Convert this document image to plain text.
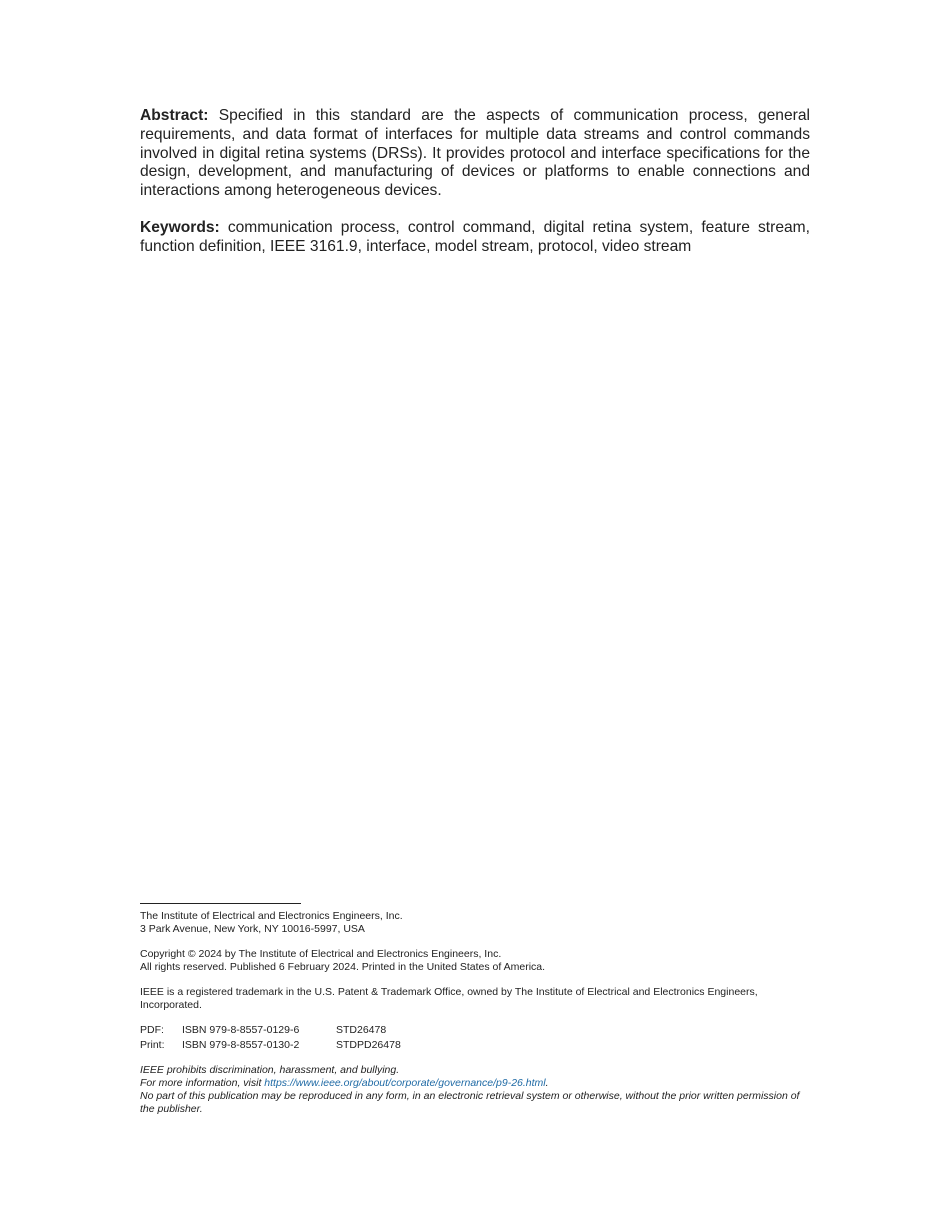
Abstract: Specified in this standard are the aspects of communication process, general requirements, and data format of interfaces for multiple data streams and control commands involved in digital retina systems (DRSs). It provides protocol and interface specifications for the design, development, and manufacturing of devices or platforms to enable connections and interactions among heterogeneous devices.

Keywords: communication process, control command, digital retina system, feature stream, function definition, IEEE 3161.9, interface, model stream, protocol, video stream

The Institute of Electrical and Electronics Engineers, Inc.
3 Park Avenue, New York, NY 10016-5997, USA
Copyright © 2024 by The Institute of Electrical and Electronics Engineers, Inc.
All rights reserved. Published 6 February 2024. Printed in the United States of America.
IEEE is a registered trademark in the U.S. Patent & Trademark Office, owned by The Institute of Electrical and Electronics Engineers, Incorporated.
PDF:	ISBN 979-8-8557-0129-6	STD26478
Print:	ISBN 979-8-8557-0130-2	STDPD26478
IEEE prohibits discrimination, harassment, and bullying.
For more information, visit https://www.ieee.org/about/corporate/governance/p9-26.html.
No part of this publication may be reproduced in any form, in an electronic retrieval system or otherwise, without the prior written permission of the publisher.
